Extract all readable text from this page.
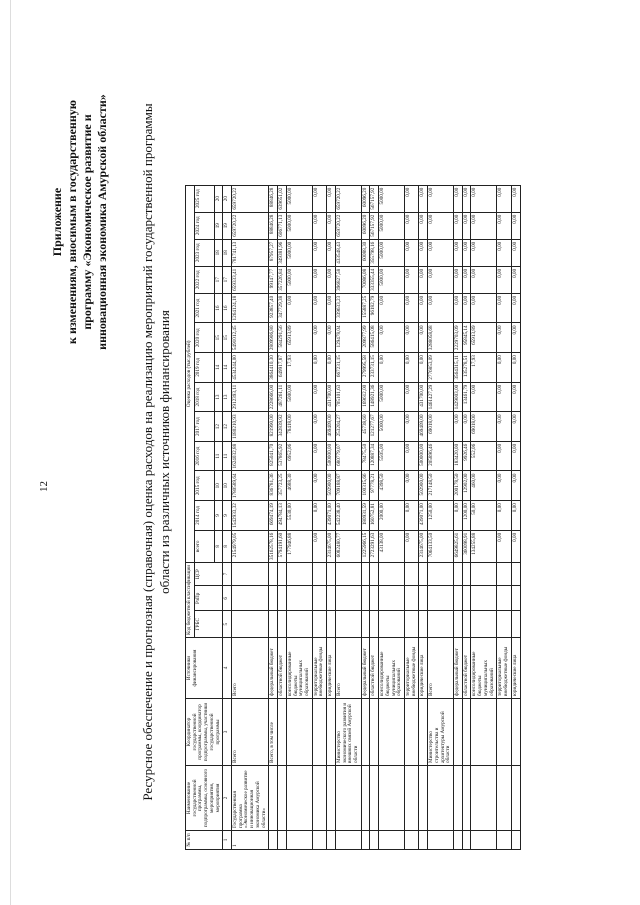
12
Приложение к изменениям, вносимым в государственную программу «Экономическое развитие и инновационная экономика Амурской области» Ресурсное обеспечение и прогнозная (справочная) оценка расходов на реализацию мероприятий государственной программы области из различных источников финансирования
№ п/п	Наименование государственной программы, подпрограммы, основного мероприятия, мероприятия	Координатор государственной программы, координатор подпрограммы, участники государственной программы	Источники финансирования	Код бюджетной классификации			Оценка расходов (тыс.рублей)												
				ГРБС	РзПр	ЦСР	всего	2014 год	2015 год	2016 год	2017 год	2018 год	2019 год	2020 год	2021 год	2022 год	2023 год	2024 год	2025 год
							8	9	10	11	12	13	14	15	16	17	18	19	20
1	2	3	4	5	6	7	8	9	10	11	12	13	14	15	16	17	18	19	20
1	Государственная программа «Экономическое развитие и инновационная экономика Амурской области»	Всего	Всего				2154979,05	1542933,32	1780589,64	1624032,88	1180210,93	2912393,11	4534244,00	5491012,45	1264124,18	659333,41	781741,13	659720,22	659720,22
		Всего, в том числе	федеральный бюджет				35162578,16	669474,19	836781,36	825041,70	821990,00	2228666,00	3864410,30	2809906,80	923857,40	99147,77	87957,27	88846,28	88846,28
			областной бюджет				5794191,60	494784,13	357723,25	537865,92	342839,92	487261,11	649917,87	584291,56	347729,38	357226,84	349381,96	606771,13	639651,02
			консолидированные бюджеты муниципальных образований				177946,88	5530,00	4688,30	6952,06	78418,00	5000,00	17,93	65913,89	0,00	5000,00	5000,00	5000,00	5000,00
			территориальные внебюджетные фонды				0,00	0,00	0,00	0,00	0,00	0,00	0,00	0,00	0,00	0,00	0,00	0,00	0,00
			юридические лица				2314675,00	439071,00	502900,00	500000,00	469409,00	431700,00	0,00	0,00	0,00	0,00	0,00	0,00	0,00
		Министерство экономического развития и внешних связей Амурской области	Всего				6082480,77	542238,40	709188,87	680779,07	253204,27	705101,63	667231,15	129478,04	339633,23	396827,58	433548,43	659720,22	659720,22
			федеральный бюджет				1225966,15	180931,59	100315,66	78475,50	45738,60	169612,00	279995,58	209877,99	155887,25	70086,08	60088,30	60096,20	60096,20
			областной бюджет				2723291,63	160752,81	97778,21	120887,34	121277,67	148921,36	233731,15	586415,08	96182,79	333355,44	355798,16	567157,92	567157,92
			консолидированные бюджеты муниципальных образований				43138,00	2000,00	4398,50	5505,00	5000,00	5000,00	0,00	0,00	0,00	5000,00	5000,00	5000,00	5000,00
			территориальные внебюджетные фонды				0,00	0,00	0,00	0,00	0,00	0,00	0,00	0,00	0,00	0,00	0,00	0,00	0,00
			юридические лица				2314675,00	439071,00	502900,00	500000,00	469409,00	431700,00	0,00	0,00	0,00	0,00	0,00	0,00	0,00
		Министерство строительства и архитектуры Амурской области	Всего				7064133,50	1250,00	217148,50	205896,46	69018,00	1461427,29	2776853,09	3288058,68	0,00	0,00	0,00	0,00	0,00
			федеральный бюджет				6649825,61	0,00	200178,50	183420,00	0,00	1429003,00	3564315,11	2229703,09	0,00	0,00	0,00	0,00	0,00
			областной бюджет				360098,91	1200,00	12902,00	9926,46	0,00	13461,79	135278,51	95845,14	0,00	0,00	0,00	0,00	0,00
			консолидированные бюджеты муниципальных образований				134255,88	50,00	460,00	552,06	69018,00	0,00	17,93	65913,89	0,00	0,00	0,00	0,00	0,00
			территориальные внебюджетные фонды				0,00	0,00	0,00	0,00	0,00	0,00	0,00	0,00	0,00	0,00	0,00	0,00	0,00
			юридические лица				0,00	0,00	0,00	0,00	0,00	0,00	0,00	0,00	0,00	0,00	0,00	0,00	0,00
